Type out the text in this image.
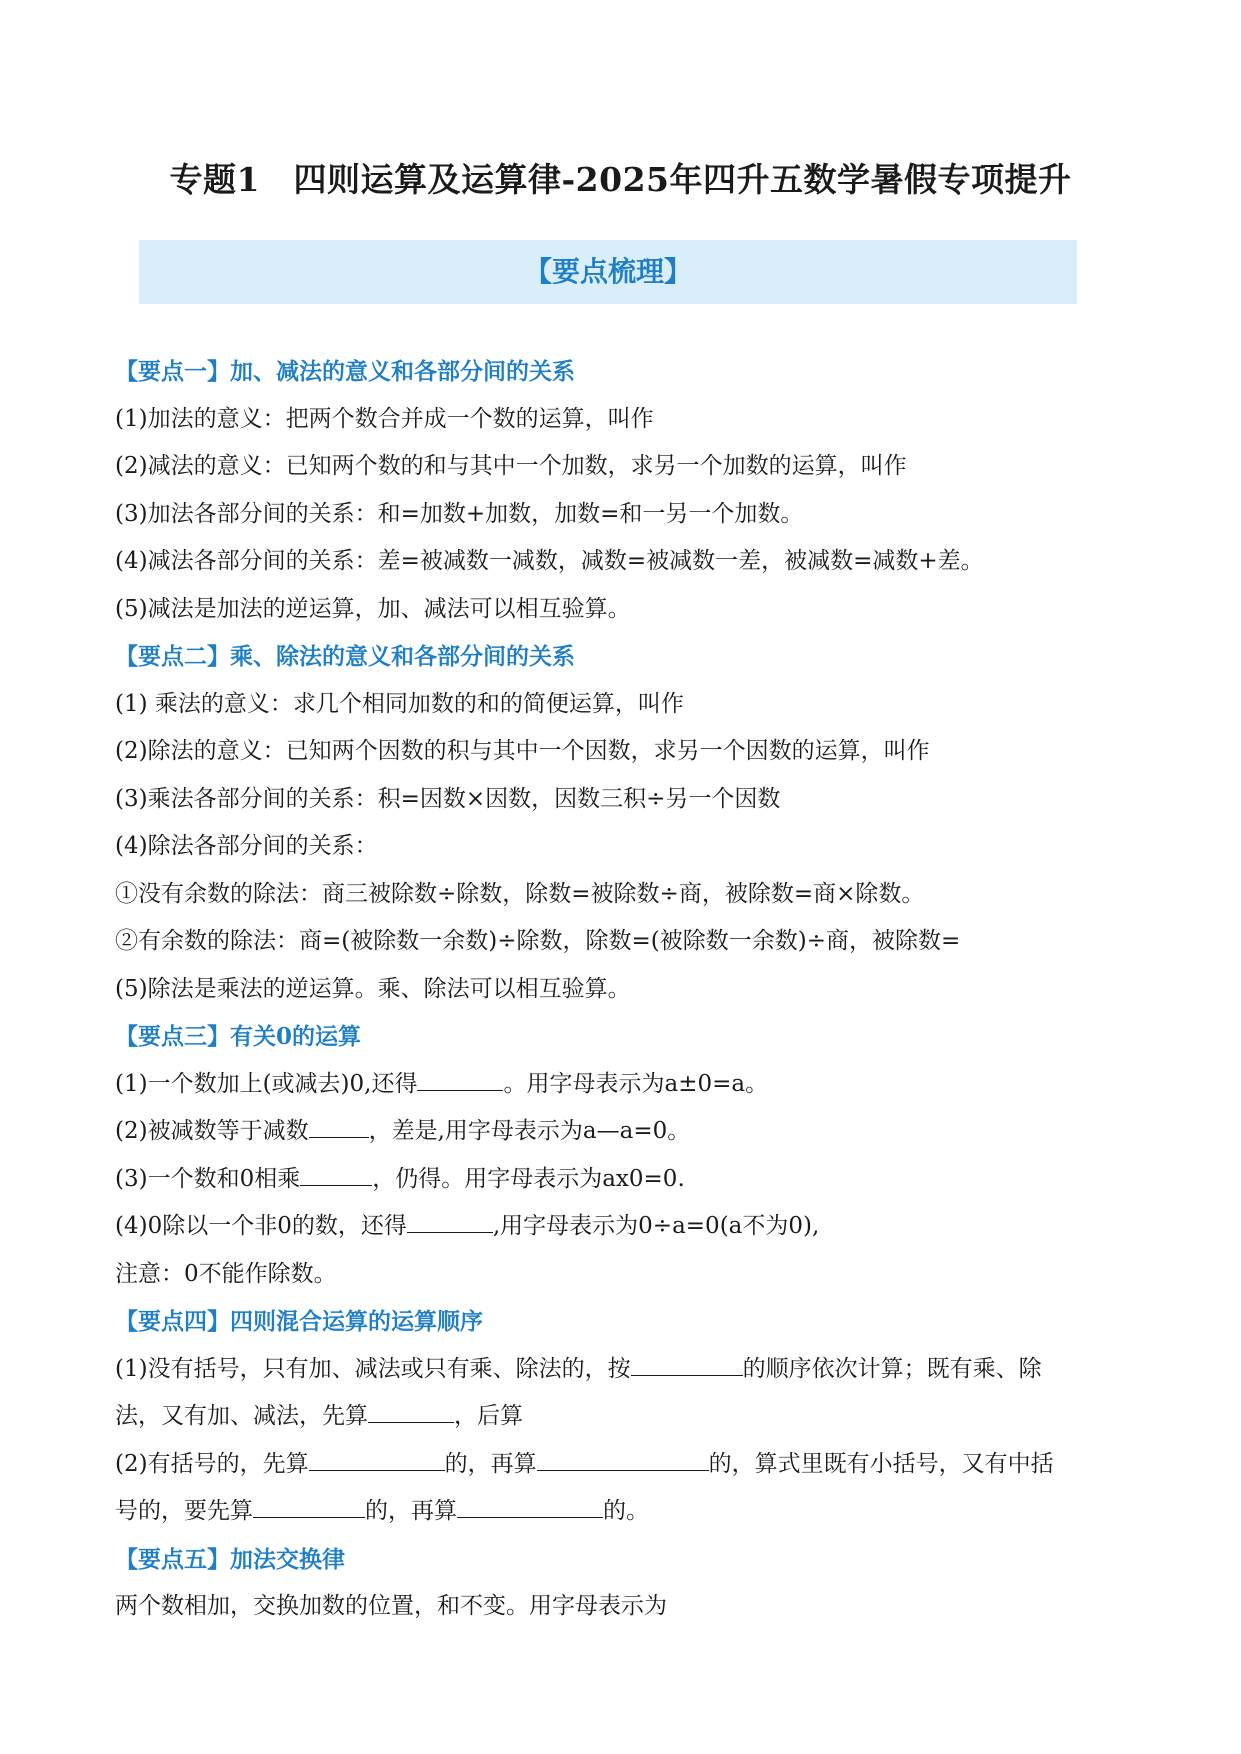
专题1　四则运算及运算律-2025年四升五数学暑假专项提升
【要点梳理】
【要点一】加、减法的意义和各部分间的关系
(1)加法的意义：把两个数合并成一个数的运算，叫作
(2)减法的意义：已知两个数的和与其中一个加数，求另一个加数的运算，叫作
(3)加法各部分间的关系：和=加数+加数，加数=和一另一个加数。
(4)减法各部分间的关系：差=被减数一减数，减数=被减数一差，被减数=减数+差。
(5)减法是加法的逆运算，加、减法可以相互验算。
【要点二】乘、除法的意义和各部分间的关系
(1) 乘法的意义：求几个相同加数的和的简便运算，叫作
(2)除法的意义：已知两个因数的积与其中一个因数，求另一个因数的运算，叫作
(3)乘法各部分间的关系：积=因数×因数，因数三积÷另一个因数
(4)除法各部分间的关系：
①没有余数的除法：商三被除数÷除数，除数=被除数÷商，被除数=商×除数。
②有余数的除法：商=(被除数一余数)÷除数，除数=(被除数一余数)÷商，被除数=
(5)除法是乘法的逆运算。乘、除法可以相互验算。
【要点三】有关0的运算
(1)一个数加上(或减去)0,还得	。用字母表示为a±0=a。
(2)被减数等于减数	，差是,用字母表示为a—a=0。
(3)一个数和0相乘	，仍得。用字母表示为ax0=0.
(4)0除以一个非0的数，还得	,用字母表示为0÷a=0(a不为0),
注意：0不能作除数。
【要点四】四则混合运算的运算顺序
(1)没有括号，只有加、减法或只有乘、除法的，按	的顺序依次计算；既有乘、除
法，又有加、减法，先算	，后算
(2)有括号的，先算	的，再算	的，算式里既有小括号，又有中括
号的，要先算	的，再算	的。
【要点五】加法交换律
两个数相加，交换加数的位置，和不变。用字母表示为
